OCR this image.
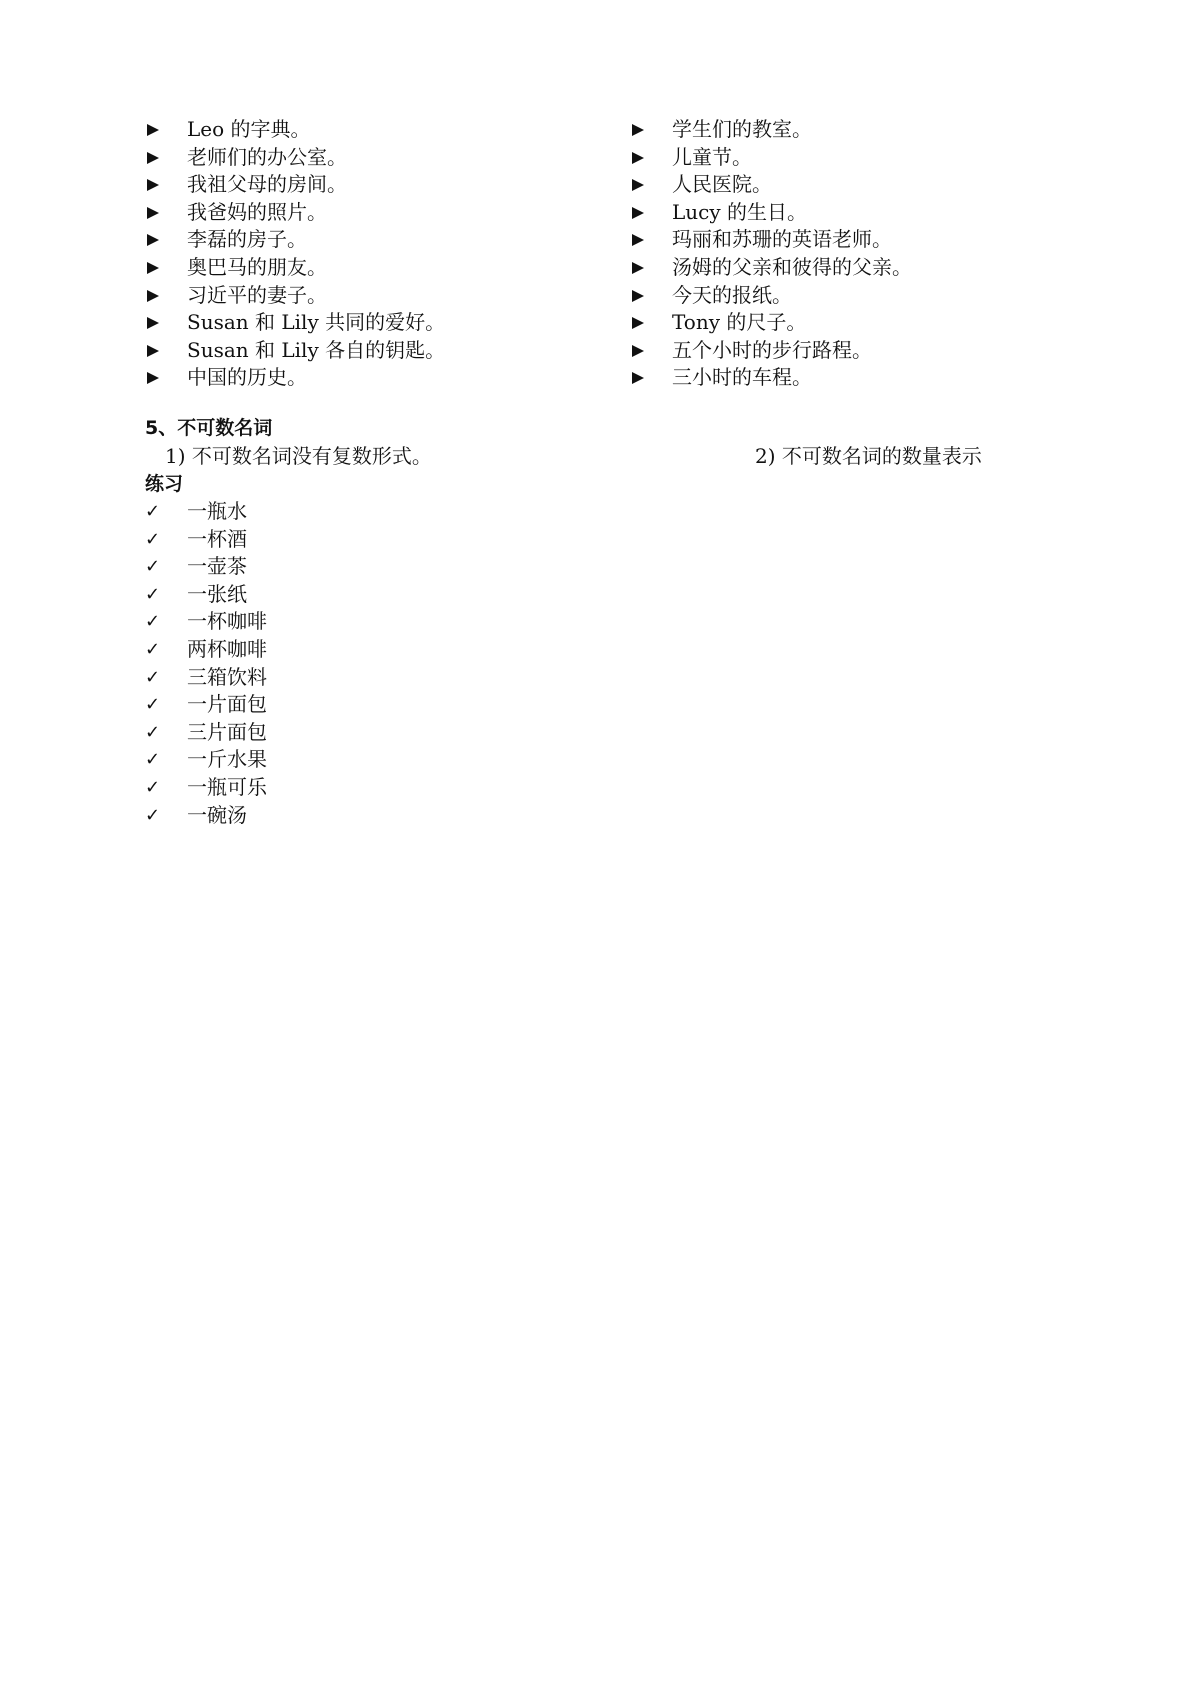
Leo 的字典。
老师们的办公室。
我祖父母的房间。
我爸妈的照片。
李磊的房子。
奥巴马的朋友。
习近平的妻子。
Susan 和 Lily 共同的爱好。
Susan 和 Lily 各自的钥匙。
中国的历史。
学生们的教室。
儿童节。
人民医院。
Lucy 的生日。
玛丽和苏珊的英语老师。
汤姆的父亲和彼得的父亲。
今天的报纸。
Tony 的尺子。
五个小时的步行路程。
三小时的车程。
5、不可数名词
1) 不可数名词没有复数形式。	2) 不可数名词的数量表示
练习
✓	一瓶水
✓	一杯酒
✓	一壶茶
✓	一张纸
✓	一杯咖啡
✓	两杯咖啡
✓	三箱饮料
✓	一片面包
✓	三片面包
✓	一斤水果
✓	一瓶可乐
✓	一碗汤
